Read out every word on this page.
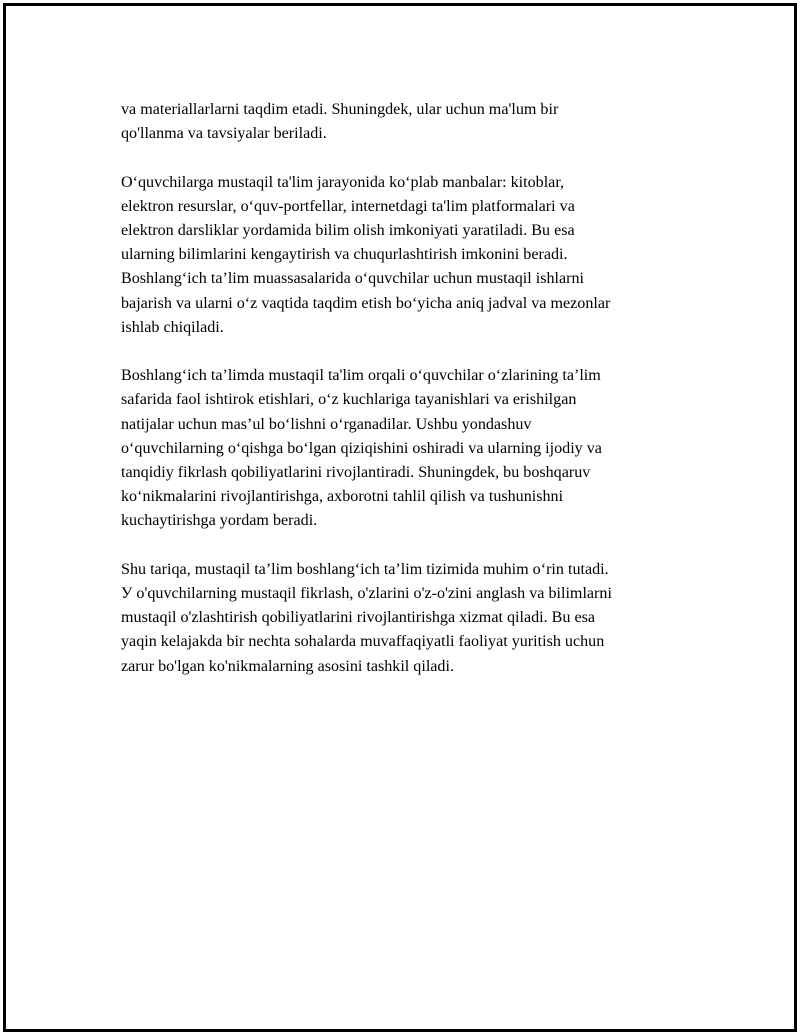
va materiallarlarni taqdim etadi. Shuningdek, ular uchun ma'lum bir
qo'llanma va tavsiyalar beriladi.

O‘quvchilarga mustaqil ta'lim jarayonida ko‘plab manbalar: kitoblar,
elektron resurslar, o‘quv-portfellar, internetdagi ta'lim platformalari va
elektron darsliklar yordamida bilim olish imkoniyati yaratiladi. Bu esa
ularning bilimlarini kengaytirish va chuqurlashtirish imkonini beradi.
Boshlang‘ich ta’lim muassasalarida o‘quvchilar uchun mustaqil ishlarni
bajarish va ularni o‘z vaqtida taqdim etish bo‘yicha aniq jadval va mezonlar
ishlab chiqiladi.

Boshlang‘ich ta’limda mustaqil ta'lim orqali o‘quvchilar o‘zlarining ta’lim
safarida faol ishtirok etishlari, o‘z kuchlariga tayanishlari va erishilgan
natijalar uchun mas’ul bo‘lishni o‘rganadilar. Ushbu yondashuv
o‘quvchilarning o‘qishga bo‘lgan qiziqishini oshiradi va ularning ijodiy va
tanqidiy fikrlash qobiliyatlarini rivojlantiradi. Shuningdek, bu boshqaruv
ko‘nikmalarini rivojlantirishga, axborotni tahlil qilish va tushunishni
kuchaytirishga yordam beradi.

Shu tariqa, mustaqil ta’lim boshlang‘ich ta’lim tizimida muhim o‘rin tutadi.
У o'quvchilarning mustaqil fikrlash, o'zlarini o'z-o'zini anglash va bilimlarni
mustaqil o'zlashtirish qobiliyatlarini rivojlantirishga xizmat qiladi. Bu esa
yaqin kelajakda bir nechta sohalarda muvaffaqiyatli faoliyat yuritish uchun
zarur bo'lgan ko'nikmalarning asosini tashkil qiladi.
